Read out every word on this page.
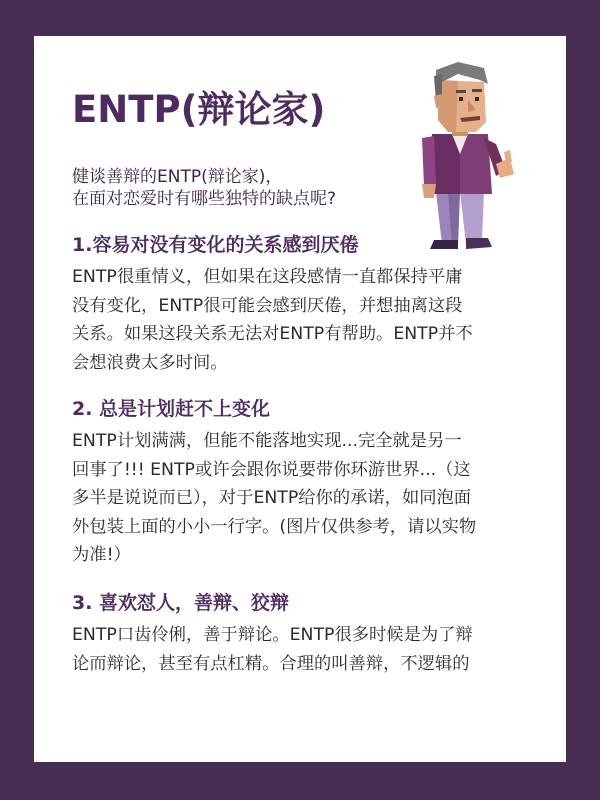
ENTP(辩论家)
健谈善辩的ENTP(辩论家)，
在面对恋爱时有哪些独特的缺点呢?
1.容易对没有变化的关系感到厌倦
ENTP很重情义，但如果在这段感情一直都保持平庸
没有变化，ENTP很可能会感到厌倦，并想抽离这段
关系。如果这段关系无法对ENTP有帮助。ENTP并不
会想浪费太多时间。
2. 总是计划赶不上变化
ENTP计划满满，但能不能落地实现...完全就是另一
回事了!!! ENTP或许会跟你说要带你环游世界...（这
多半是说说而已），对于ENTP给你的承诺，如同泡面
外包装上面的小小一行字。(图片仅供参考，请以实物
为准!）
3. 喜欢怼人，善辩、狡辩
ENTP口齿伶俐，善于辩论。ENTP很多时候是为了辩
论而辩论，甚至有点杠精。合理的叫善辩，不逻辑的
